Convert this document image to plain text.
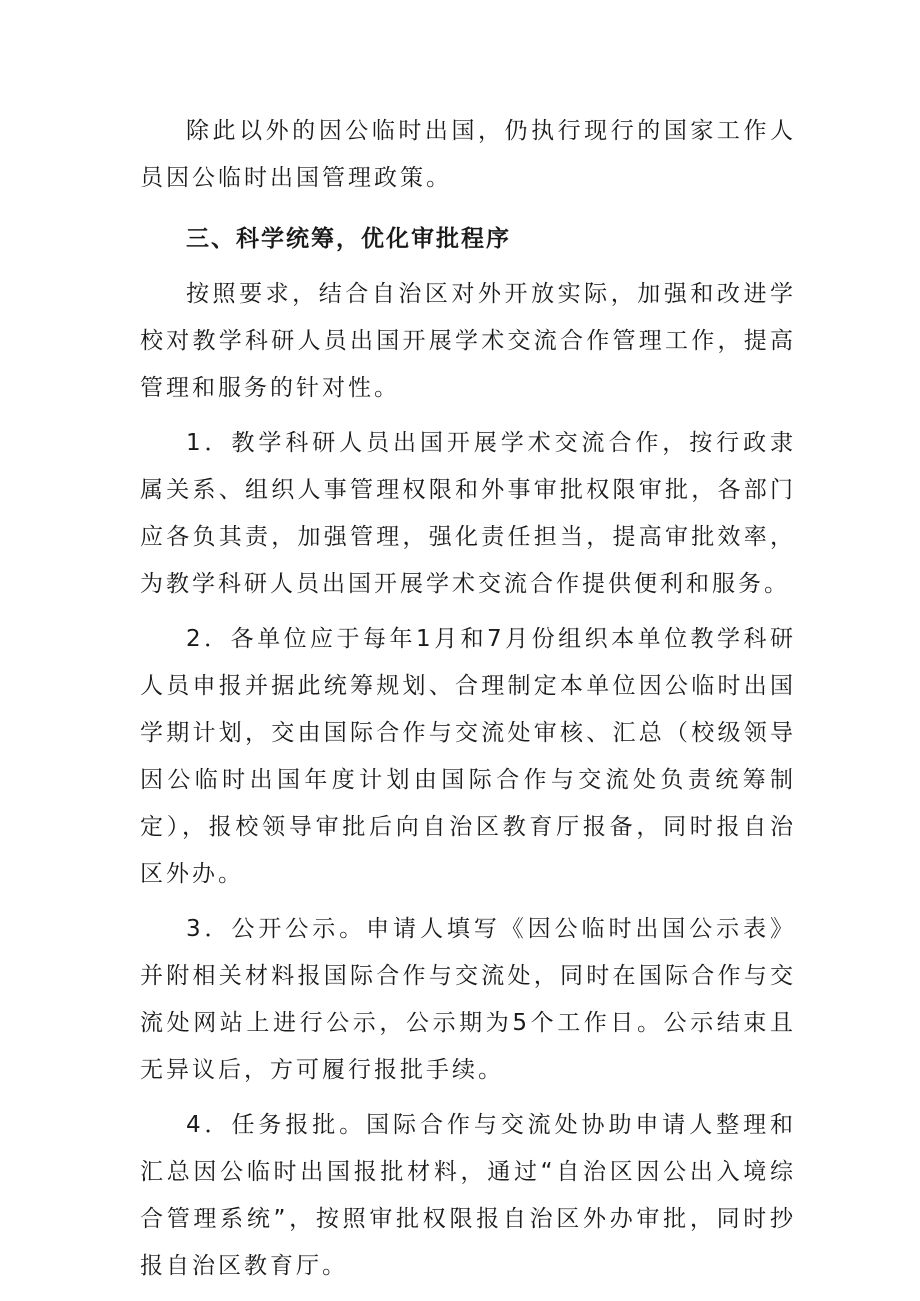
除此以外的因公临时出国，仍执行现行的国家工作人员因公临时出国管理政策。

三、科学统筹，优化审批程序

按照要求，结合自治区对外开放实际，加强和改进学校对教学科研人员出国开展学术交流合作管理工作，提高管理和服务的针对性。

1．教学科研人员出国开展学术交流合作，按行政隶属关系、组织人事管理权限和外事审批权限审批，各部门应各负其责，加强管理，强化责任担当，提高审批效率，为教学科研人员出国开展学术交流合作提供便利和服务。

2．各单位应于每年1月和7月份组织本单位教学科研人员申报并据此统筹规划、合理制定本单位因公临时出国学期计划，交由国际合作与交流处审核、汇总（校级领导因公临时出国年度计划由国际合作与交流处负责统筹制定），报校领导审批后向自治区教育厅报备，同时报自治区外办。

3．公开公示。申请人填写《因公临时出国公示表》并附相关材料报国际合作与交流处，同时在国际合作与交流处网站上进行公示，公示期为5个工作日。公示结束且无异议后，方可履行报批手续。

4．任务报批。国际合作与交流处协助申请人整理和汇总因公临时出国报批材料，通过“自治区因公出入境综合管理系统”，按照审批权限报自治区外办审批，同时抄报自治区教育厅。
